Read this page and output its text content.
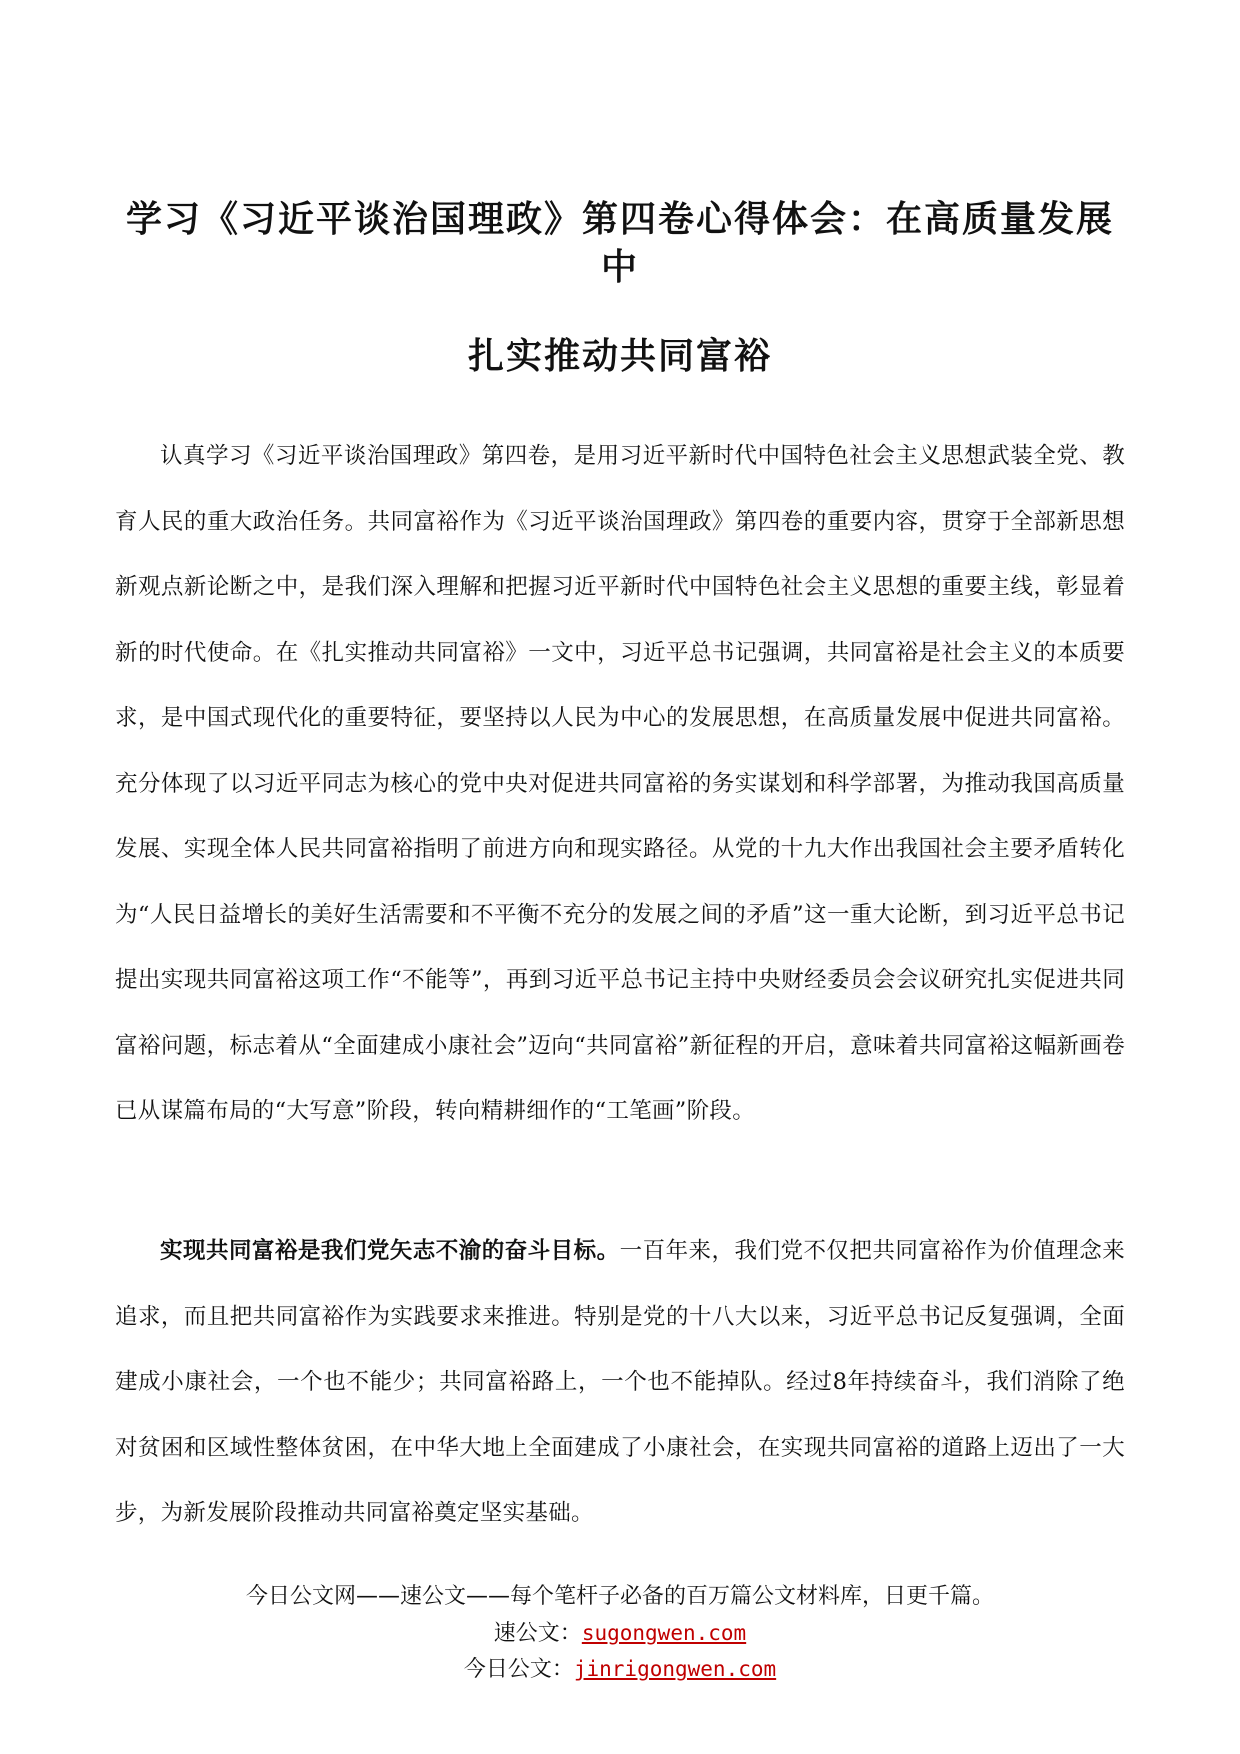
学习《习近平谈治国理政》第四卷心得体会：在高质量发展中
扎实推动共同富裕

认真学习《习近平谈治国理政》第四卷，是用习近平新时代中国特色社会主义思想武装全党、教育人民的重大政治任务。共同富裕作为《习近平谈治国理政》第四卷的重要内容，贯穿于全部新思想新观点新论断之中，是我们深入理解和把握习近平新时代中国特色社会主义思想的重要主线，彰显着新的时代使命。在《扎实推动共同富裕》一文中，习近平总书记强调，共同富裕是社会主义的本质要求，是中国式现代化的重要特征，要坚持以人民为中心的发展思想，在高质量发展中促进共同富裕。充分体现了以习近平同志为核心的党中央对促进共同富裕的务实谋划和科学部署，为推动我国高质量发展、实现全体人民共同富裕指明了前进方向和现实路径。从党的十九大作出我国社会主要矛盾转化为“人民日益增长的美好生活需要和不平衡不充分的发展之间的矛盾”这一重大论断，到习近平总书记提出实现共同富裕这项工作“不能等”，再到习近平总书记主持中央财经委员会会议研究扎实促进共同富裕问题，标志着从“全面建成小康社会”迈向“共同富裕”新征程的开启，意味着共同富裕这幅新画卷已从谋篇布局的“大写意”阶段，转向精耕细作的“工笔画”阶段。

实现共同富裕是我们党矢志不渝的奋斗目标。一百年来，我们党不仅把共同富裕作为价值理念来追求，而且把共同富裕作为实践要求来推进。特别是党的十八大以来，习近平总书记反复强调，全面建成小康社会，一个也不能少；共同富裕路上，一个也不能掉队。经过8年持续奋斗，我们消除了绝对贫困和区域性整体贫困，在中华大地上全面建成了小康社会，在实现共同富裕的道路上迈出了一大步，为新发展阶段推动共同富裕奠定坚实基础。

今日公文网——速公文——每个笔杆子必备的百万篇公文材料库，日更千篇。
速公文：sugongwen.com
今日公文：jinrigongwen.com
